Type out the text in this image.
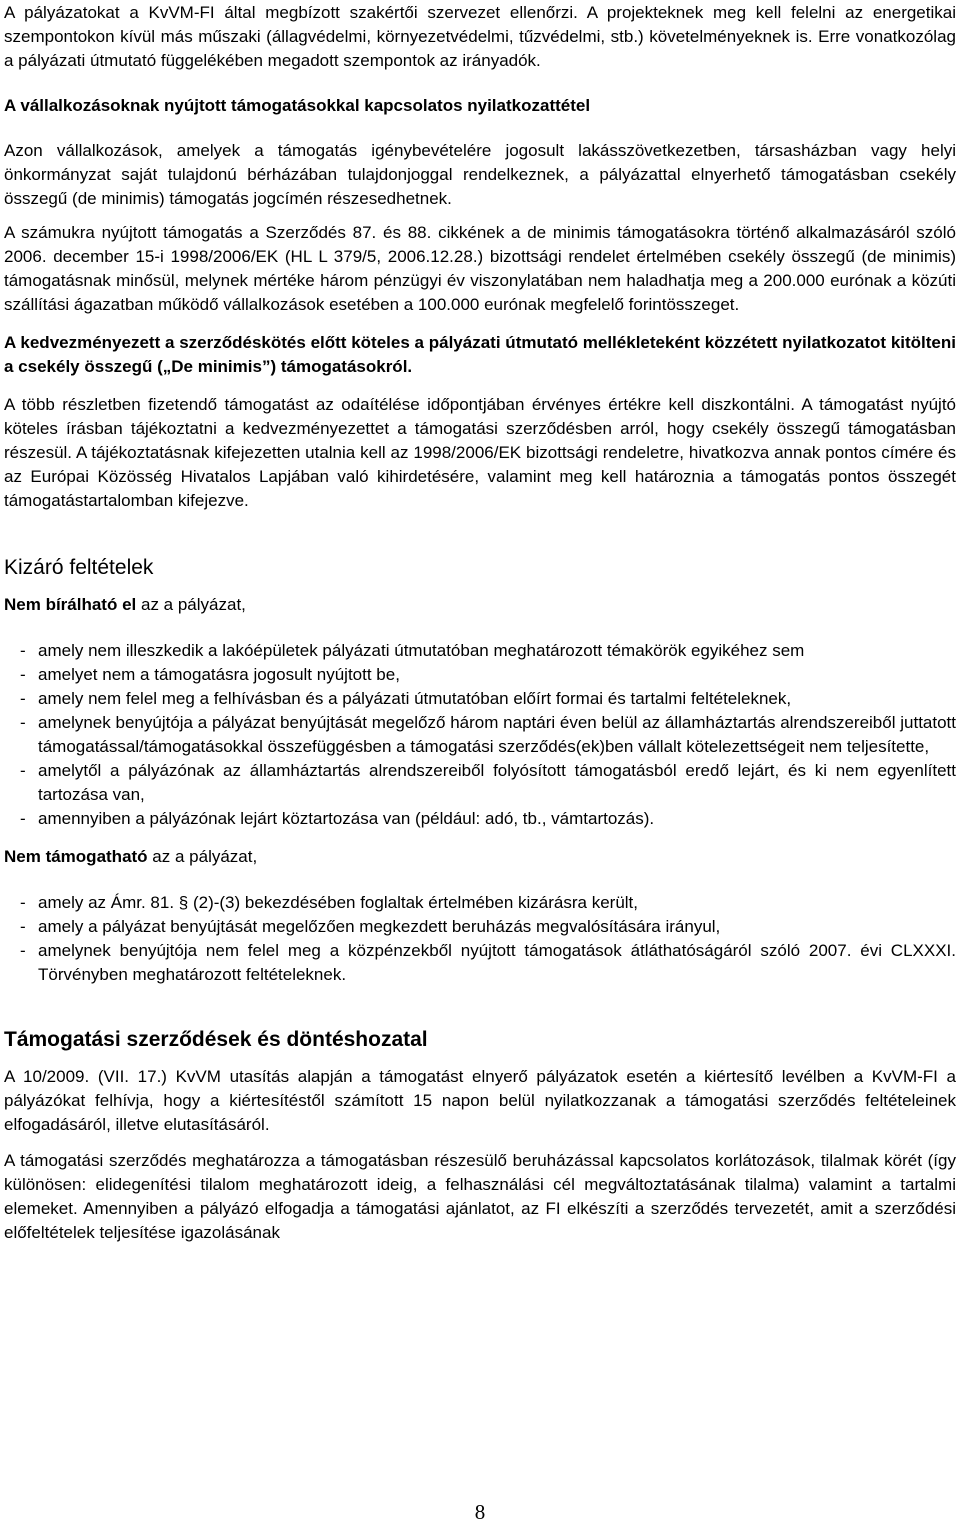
A pályázatokat a KvVM-FI által megbízott szakértői szervezet ellenőrzi. A projekteknek meg kell felelni az energetikai szempontokon kívül más műszaki (állagvédelmi, környezetvédelmi, tűzvédelmi, stb.) követelményeknek is. Erre vonatkozólag a pályázati útmutató függelékében megadott szempontok az irányadók.

A vállalkozásoknak nyújtott támogatásokkal kapcsolatos nyilatkozattétel

Azon vállalkozások, amelyek a támogatás igénybevételére jogosult lakásszövetkezetben, társasházban vagy helyi önkormányzat saját tulajdonú bérházában tulajdonjoggal rendelkeznek, a pályázattal elnyerhető támogatásban csekély összegű (de minimis) támogatás jogcímén részesedhetnek.

A számukra nyújtott támogatás a Szerződés 87. és 88. cikkének a de minimis támogatásokra történő alkalmazásáról szóló 2006. december 15-i 1998/2006/EK (HL L 379/5, 2006.12.28.) bizottsági rendelet értelmében csekély összegű (de minimis) támogatásnak minősül, melynek mértéke három pénzügyi év viszonylatában nem haladhatja meg a 200.000 eurónak a közúti szállítási ágazatban működő vállalkozások esetében a 100.000 eurónak megfelelő forintösszeget.

A kedvezményezett a szerződéskötés előtt köteles a pályázati útmutató mellékleteként közzétett nyilatkozatot kitölteni a csekély összegű („De minimis”) támogatásokról.

A több részletben fizetendő támogatást az odaítélése időpontjában érvényes értékre kell diszkontálni. A támogatást nyújtó köteles írásban tájékoztatni a kedvezményezettet a támogatási szerződésben arról, hogy csekély összegű támogatásban részesül. A tájékoztatásnak kifejezetten utalnia kell az 1998/2006/EK bizottsági rendeletre, hivatkozva annak pontos címére és az Európai Közösség Hivatalos Lapjában való kihirdetésére, valamint meg kell határoznia a támogatás pontos összegét támogatástartalomban kifejezve.

Kizáró feltételek

Nem bírálható el az a pályázat,

- amely nem illeszkedik a lakóépületek pályázati útmutatóban meghatározott témakörök egyikéhez sem
- amelyet nem a támogatásra jogosult nyújtott be,
- amely nem felel meg a felhívásban és a pályázati útmutatóban előírt formai és tartalmi feltételeknek,
- amelynek benyújtója a pályázat benyújtását megelőző három naptári éven belül az államháztartás alrendszereiből juttatott támogatással/támogatásokkal összefüggésben a támogatási szerződés(ek)ben vállalt kötelezettségeit nem teljesítette,
- amelytől a pályázónak az államháztartás alrendszereiből folyósított támogatásból eredő lejárt, és ki nem egyenlített tartozása van,
- amennyiben a pályázónak lejárt köztartozása van (például: adó, tb., vámtartozás).

Nem támogatható az a pályázat,

- amely az Ámr. 81. § (2)-(3) bekezdésében foglaltak értelmében kizárásra került,
- amely a pályázat benyújtását megelőzően megkezdett beruházás megvalósítására irányul,
- amelynek benyújtója nem felel meg a közpénzekből nyújtott támogatások átláthatóságáról szóló 2007. évi CLXXXI. Törvényben meghatározott feltételeknek.

Támogatási szerződések és döntéshozatal

A 10/2009. (VII. 17.) KvVM utasítás alapján a támogatást elnyerő pályázatok esetén a kiértesítő levélben a KvVM-FI a pályázókat felhívja, hogy a kiértesítéstől számított 15 napon belül nyilatkozzanak a támogatási szerződés feltételeinek elfogadásáról, illetve elutasításáról.

A támogatási szerződés meghatározza a támogatásban részesülő beruházással kapcsolatos korlátozások, tilalmak körét (így különösen: elidegenítési tilalom meghatározott ideig, a felhasználási cél megváltoztatásának tilalma) valamint a tartalmi elemeket. Amennyiben a pályázó elfogadja a támogatási ajánlatot, az FI elkészíti a szerződés tervezetét, amit a szerződési előfeltételek teljesítése igazolásának

8
